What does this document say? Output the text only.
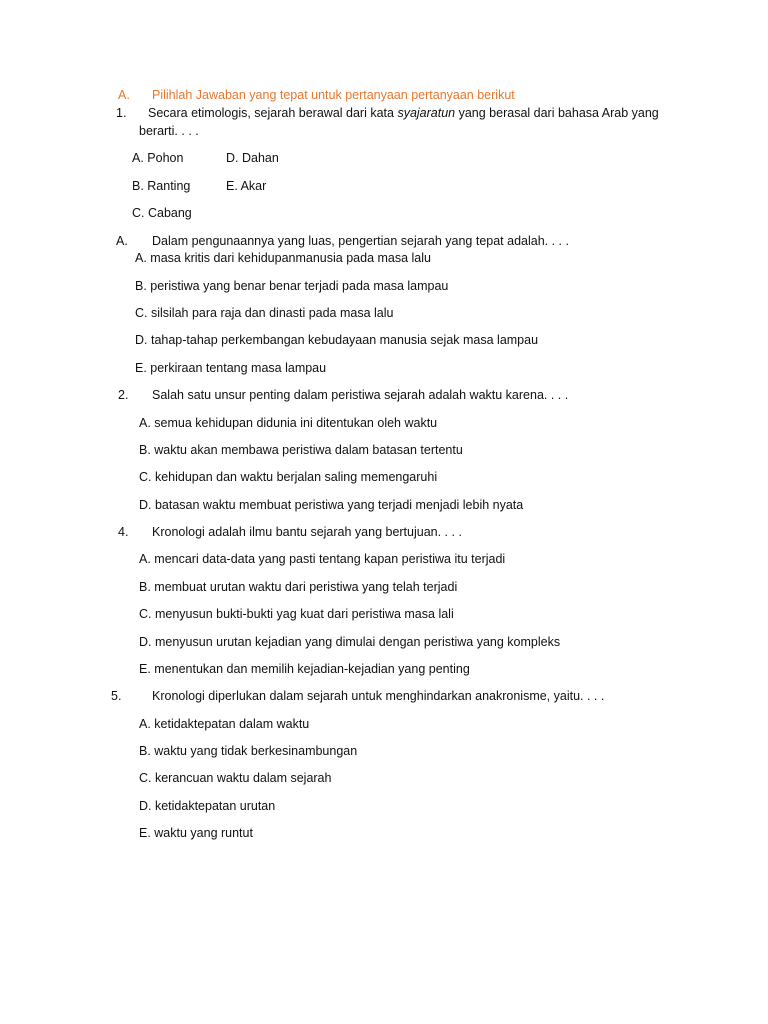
A. Pilihlah Jawaban yang tepat untuk pertanyaan pertanyaan berikut
1. Secara etimologis, sejarah berawal dari kata syajaratun yang berasal dari bahasa Arab yang
berarti. . . .
A. Pohon	D. Dahan
B. Ranting	E. Akar
C. Cabang
A. Dalam pengunaannya yang luas, pengertian sejarah yang tepat adalah. . . .
A. masa kritis dari kehidupanmanusia pada masa lalu
B. peristiwa yang benar benar terjadi pada masa lampau
C. silsilah para raja dan dinasti pada masa lalu
D. tahap-tahap perkembangan kebudayaan manusia sejak masa lampau
E. perkiraan tentang masa lampau
2. Salah satu unsur penting dalam peristiwa sejarah adalah waktu karena. . . .
A. semua kehidupan didunia ini ditentukan oleh waktu
B. waktu akan membawa peristiwa dalam batasan tertentu
C. kehidupan dan waktu berjalan saling memengaruhi
D. batasan waktu membuat peristiwa yang terjadi menjadi lebih nyata
4. Kronologi adalah ilmu bantu sejarah yang bertujuan. . . .
A. mencari data-data yang pasti tentang kapan peristiwa itu terjadi
B. membuat urutan waktu dari peristiwa yang telah terjadi
C. menyusun bukti-bukti yag kuat dari peristiwa masa lali
D. menyusun urutan kejadian yang dimulai dengan peristiwa yang kompleks
E. menentukan dan memilih kejadian-kejadian yang penting
5. Kronologi diperlukan dalam sejarah untuk menghindarkan anakronisme, yaitu. . . .
A. ketidaktepatan dalam waktu
B. waktu yang tidak berkesinambungan
C. kerancuan waktu dalam sejarah
D. ketidaktepatan urutan
E. waktu yang runtut
